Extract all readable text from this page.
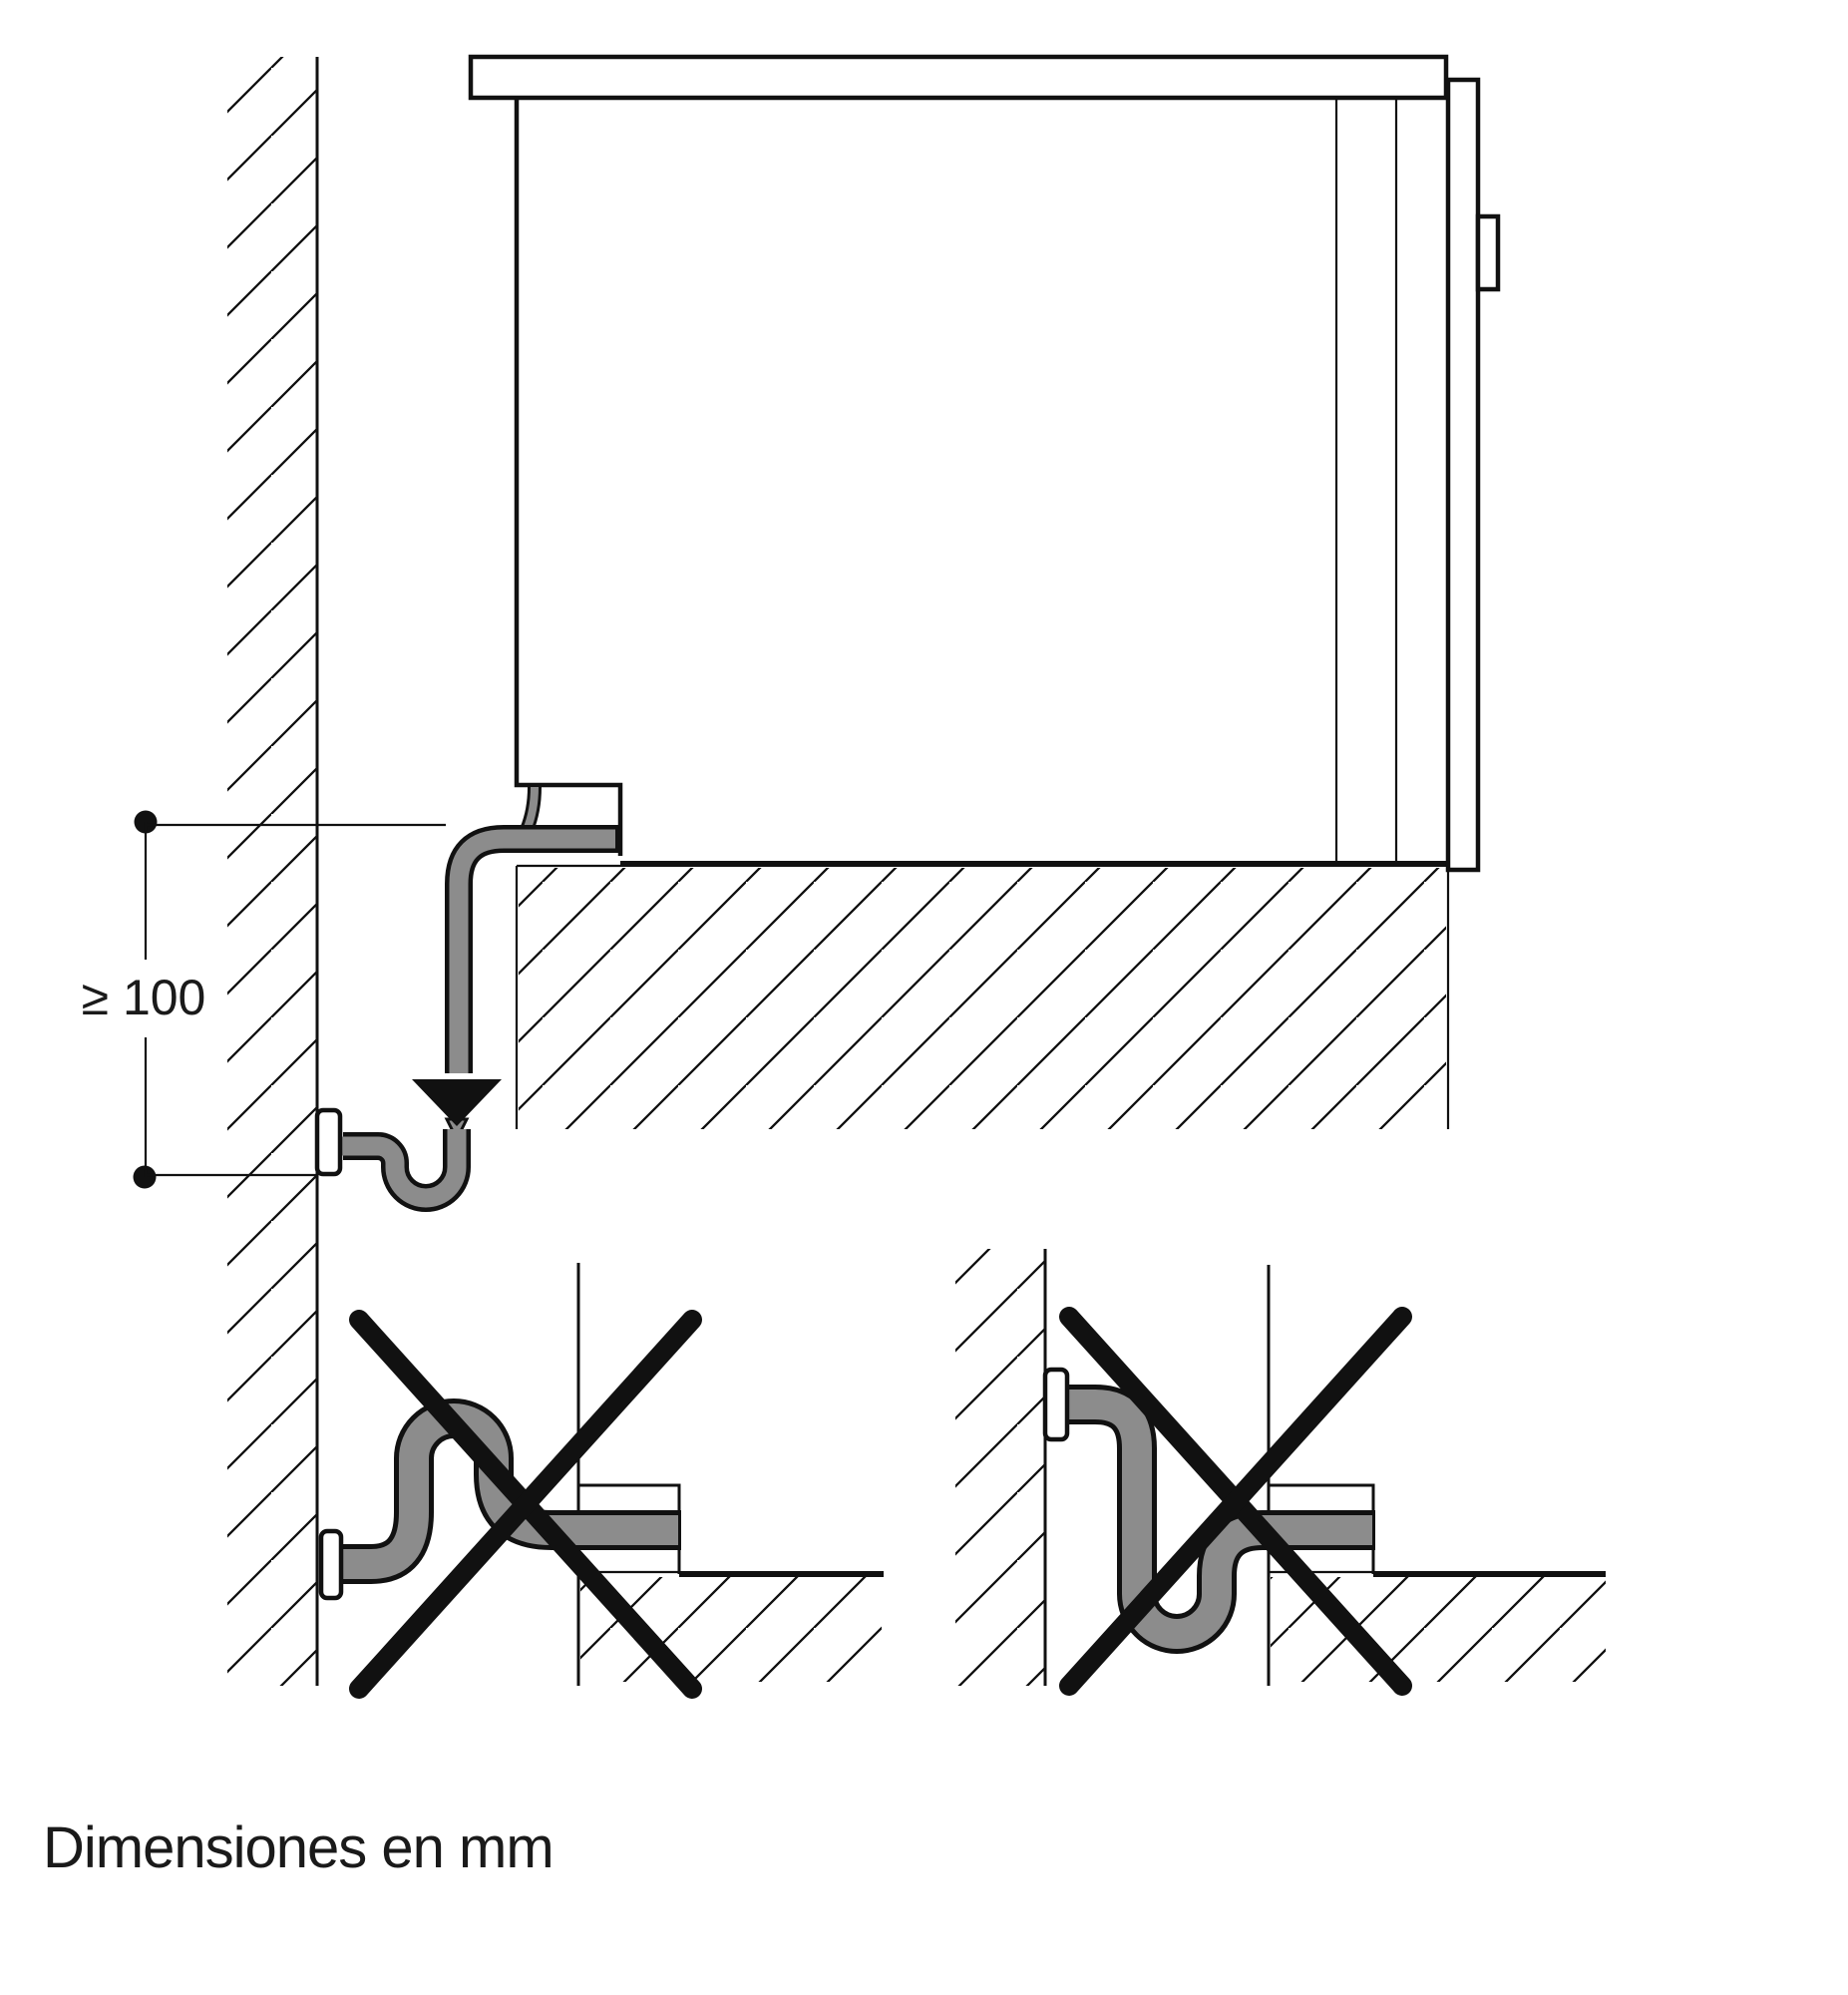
≥ 100
Dimensiones en mm
